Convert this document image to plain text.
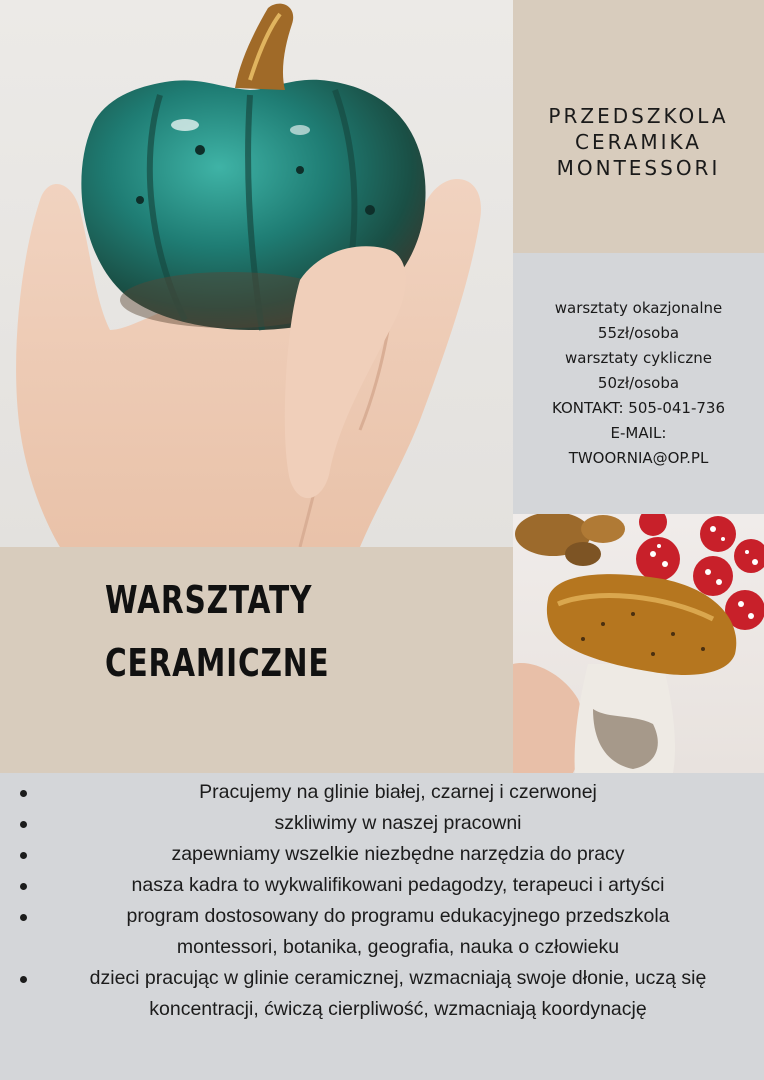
PRZEDSZKOLA
CERAMIKA
MONTESSORI
warsztaty okazjonalne
55zł/osoba
warsztaty cykliczne
50zł/osoba
KONTAKT: 505-041-736
E-MAIL:
TWOORNIA@OP.PL
WARSZTATY
CERAMICZNE
Pracujemy na glinie białej, czarnej i czerwonej
szkliwimy w naszej pracowni
zapewniamy wszelkie niezbędne narzędzia do pracy
nasza kadra to wykwalifikowani pedagodzy, terapeuci i artyści
program dostosowany do programu edukacyjnego przedszkola
montessori, botanika, geografia, nauka o człowieku
dzieci pracując w glinie ceramicznej, wzmacniają swoje dłonie, uczą się
koncentracji, ćwiczą cierpliwość, wzmacniają koordynację
